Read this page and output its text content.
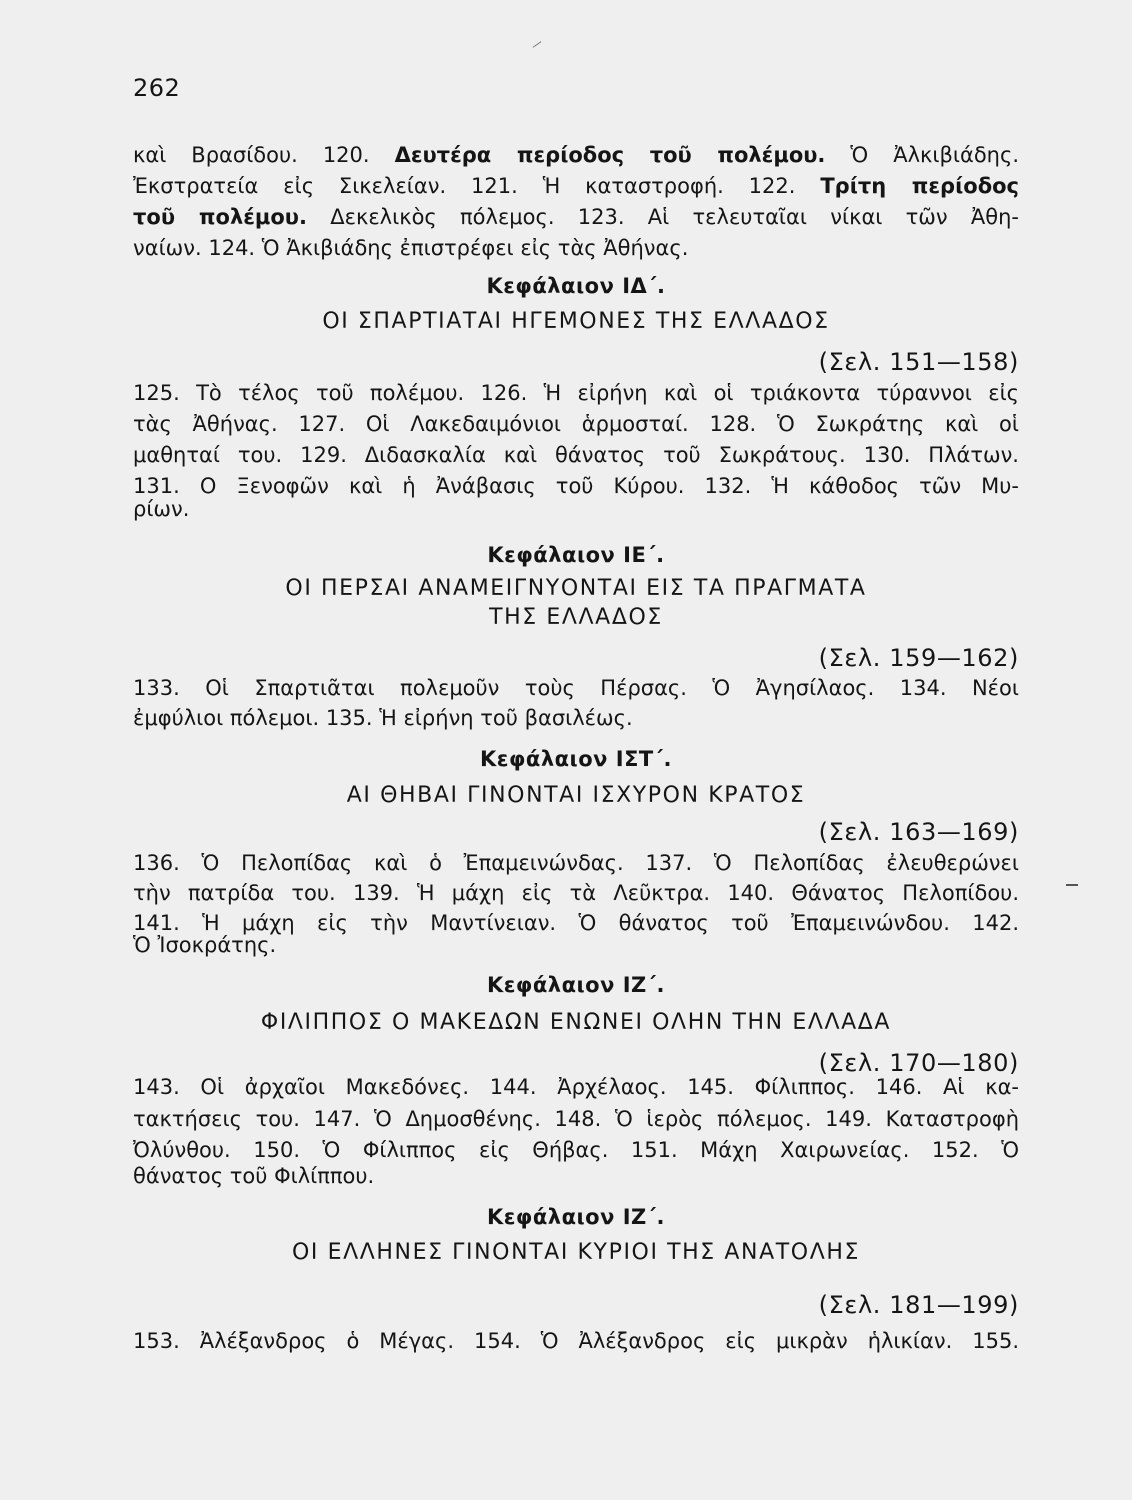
262
καὶ Βρασίδου. 120. Δευτέρα περίοδος τοῦ πολέμου. Ὁ Ἀλκιβιάδης.
Ἐκστρατεία εἰς Σικελείαν. 121. Ἡ καταστροφή. 122. Τρίτη περίοδος
τοῦ πολέμου. Δεκελικὸς πόλεμος. 123. Αἱ τελευταῖαι νίκαι τῶν Ἀθη-
ναίων. 124. Ὁ Ἀκιβιάδης ἐπιστρέφει εἰς τὰς Ἀθήνας.
Κεφάλαιον ΙΔ΄.
ΟΙ ΣΠΑΡΤΙΑΤΑΙ ΗΓΕΜΟΝΕΣ ΤΗΣ ΕΛΛΑΔΟΣ
(Σελ. 151—158)
125. Τὸ τέλος τοῦ πολέμου. 126. Ἡ εἰρήνη καὶ οἱ τριάκοντα τύραννοι εἰς
τὰς Ἀθήνας. 127. Οἱ Λακεδαιμόνιοι ἁρμοσταί. 128. Ὁ Σωκράτης καὶ οἱ
μαθηταί του. 129. Διδασκαλία καὶ θάνατος τοῦ Σωκράτους. 130. Πλάτων.
131. Ο Ξενοφῶν καὶ ἡ Ἀνάβασις τοῦ Κύρου. 132. Ἡ κάθοδος τῶν Μυ-
ρίων.
Κεφάλαιον ΙΕ΄.
ΟΙ ΠΕΡΣΑΙ ΑΝΑΜΕΙΓΝΥΟΝΤΑΙ ΕΙΣ ΤΑ ΠΡΑΓΜΑΤΑ
ΤΗΣ ΕΛΛΑΔΟΣ
(Σελ. 159—162)
133. Οἱ Σπαρτιᾶται πολεμοῦν τοὺς Πέρσας. Ὁ Ἀγησίλαος. 134. Νέοι
ἐμφύλιοι πόλεμοι. 135. Ἡ εἰρήνη τοῦ βασιλέως.
Κεφάλαιον ΙΣΤ΄.
ΑΙ ΘΗΒΑΙ ΓΙΝΟΝΤΑΙ ΙΣΧΥΡΟΝ ΚΡΑΤΟΣ
(Σελ. 163—169)
136. Ὁ Πελοπίδας καὶ ὁ Ἐπαμεινώνδας. 137. Ὁ Πελοπίδας ἐλευθερώνει
τὴν πατρίδα του. 139. Ἡ μάχη εἰς τὰ Λεῦκτρα. 140. Θάνατος Πελοπίδου.
141. Ἡ μάχη εἰς τὴν Μαντίνειαν. Ὁ θάνατος τοῦ Ἐπαμεινώνδου. 142.
Ὁ Ἰσοκράτης.
Κεφάλαιον ΙΖ΄.
ΦΙΛΙΠΠΟΣ Ο ΜΑΚΕΔΩΝ ΕΝΩΝΕΙ ΟΛΗΝ ΤΗΝ ΕΛΛΑΔΑ
(Σελ. 170—180)
143. Οἱ ἀρχαῖοι Μακεδόνες. 144. Ἀρχέλαος. 145. Φίλιππος. 146. Αἱ κα-
τακτήσεις του. 147. Ὁ Δημοσθένης. 148. Ὁ ἱερὸς πόλεμος. 149. Καταστροφὴ
Ὀλύνθου. 150. Ὁ Φίλιππος εἰς Θήβας. 151. Μάχη Χαιρωνείας. 152. Ὁ
θάνατος τοῦ Φιλίππου.
Κεφάλαιον ΙΖ΄.
ΟΙ ΕΛΛΗΝΕΣ ΓΙΝΟΝΤΑΙ ΚΥΡΙΟΙ ΤΗΣ ΑΝΑΤΟΛΗΣ
(Σελ. 181—199)
153. Ἀλέξανδρος ὁ Μέγας. 154. Ὁ Ἀλέξανδρος εἰς μικρὰν ἡλικίαν. 155.
